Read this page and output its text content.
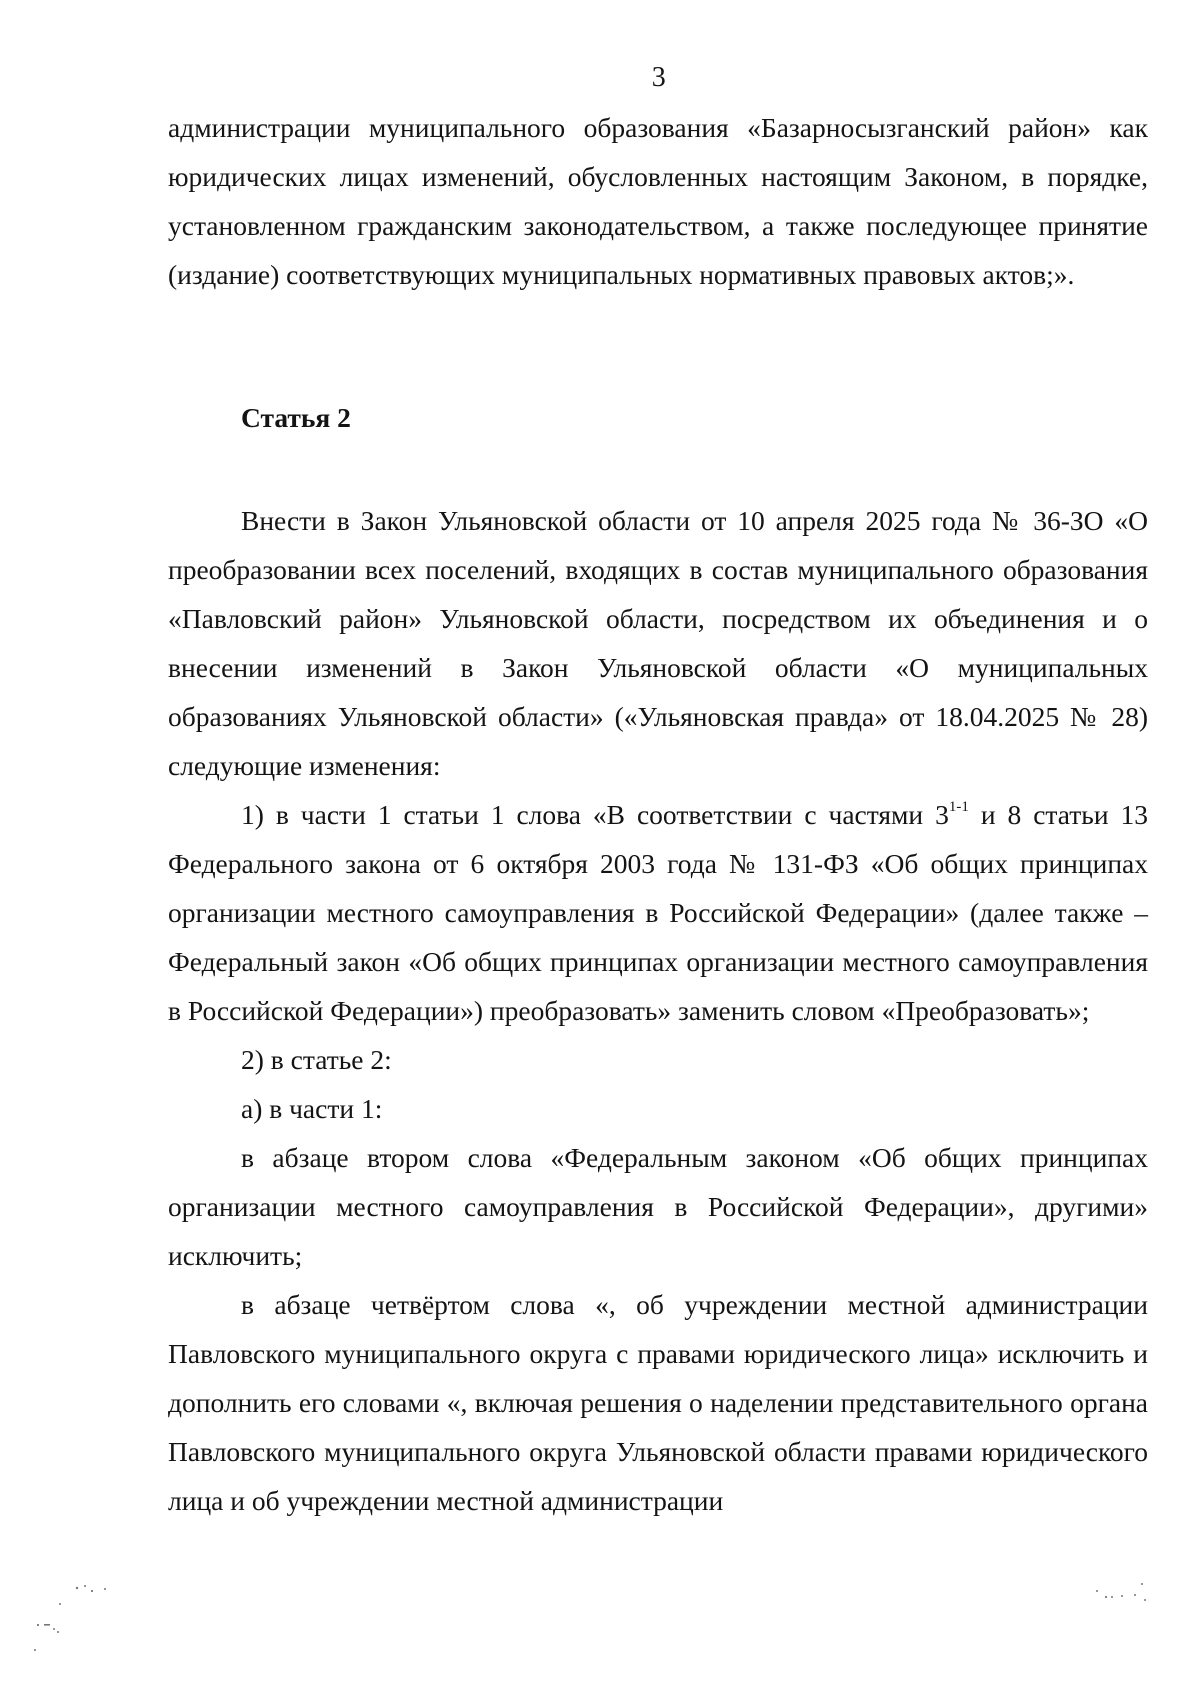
3

администрации муниципального образования «Базарносызганский район» как юридических лицах изменений, обусловленных настоящим Законом, в порядке, установленном гражданским законодательством, а также последующее принятие (издание) соответствующих муниципальных нормативных правовых актов;».

Статья 2

Внести в Закон Ульяновской области от 10 апреля 2025 года № 36-ЗО «О преобразовании всех поселений, входящих в состав муниципального образования «Павловский район» Ульяновской области, посредством их объединения и о внесении изменений в Закон Ульяновской области «О муниципальных образованиях Ульяновской области» («Ульяновская правда» от 18.04.2025 № 28) следующие изменения:

1) в части 1 статьи 1 слова «В соответствии с частями 3$^{1-1}$ и 8 статьи 13 Федерального закона от 6 октября 2003 года № 131-ФЗ «Об общих принципах организации местного самоуправления в Российской Федерации» (далее также – Федеральный закон «Об общих принципах организации местного самоуправления в Российской Федерации») преобразовать» заменить словом «Преобразовать»;

2) в статье 2:

а) в части 1:

в абзаце втором слова «Федеральным законом «Об общих принципах организации местного самоуправления в Российской Федерации», другими» исключить;

в абзаце четвёртом слова «, об учреждении местной администрации Павловского муниципального округа с правами юридического лица» исключить и дополнить его словами «, включая решения о наделении представительного органа Павловского муниципального округа Ульяновской области правами юридического лица и об учреждении местной администрации
